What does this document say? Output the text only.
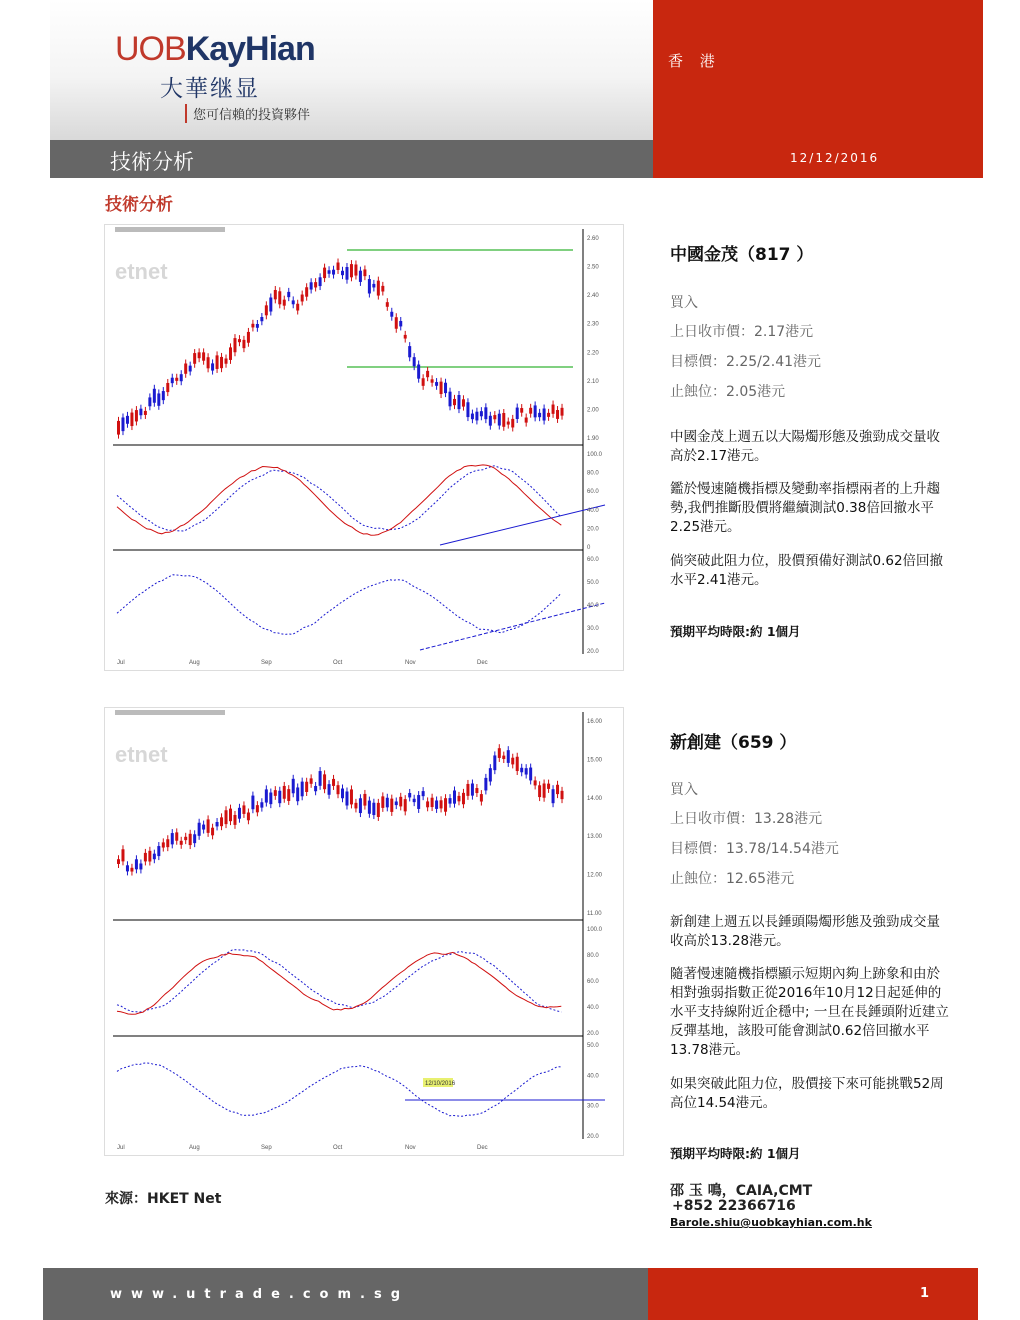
UOBKayHian
大華继显
您可信賴的投資夥伴
香 港
技術分析	12/12/2016
技術分析
etnet
2.60
2.50
2.40
2.30
2.20
2.10
2.00
1.90
100.0
80.0
60.0
40.0
20.0
0
60.0
50.0
40.0
30.0
20.0
Jul	Aug	Sep	Oct	Nov	Dec
etnet
16.00
15.00
14.00
13.00
12.00
11.00
100.0
80.0
60.0
40.0
20.0
50.0
40.0
30.0
20.0
Jul	Aug	Sep	Oct	Nov	Dec
12/10/2016
中國金茂（817 ）
買入
上日收市價：2.17港元
目標價：2.25/2.41港元
止蝕位：2.05港元
中國金茂上週五以大陽燭形態及強勁成交量收高於2.17港元。
鑑於慢速隨機指標及變動率指標兩者的上升趨勢,我們推斷股價將繼續測試0.38倍回撤水平2.25港元。
倘突破此阻力位，股價預備好測試0.62倍回撤水平2.41港元。
預期平均時限:約 1個月
新創建（659 ）
買入
上日收市價：13.28港元
目標價：13.78/14.54港元
止蝕位：12.65港元
新創建上週五以長錘頭陽燭形態及強勁成交量收高於13.28港元。
隨著慢速隨機指標顯示短期內夠上跡象和由於相對強弱指數正從2016年10月12日起延伸的水平支持線附近企穩中; 一旦在長錘頭附近建立反彈基地，該股可能會測試0.62倍回撤水平13.78港元。
如果突破此阻力位，股價接下來可能挑戰52周高位14.54港元。
預期平均時限:約 1個月
來源：HKET Net	邵 玉 鳴，CAIA,CMT
+852 22366716
Barole.shiu@uobkayhian.com.hk
www.utrade.com.sg	1
